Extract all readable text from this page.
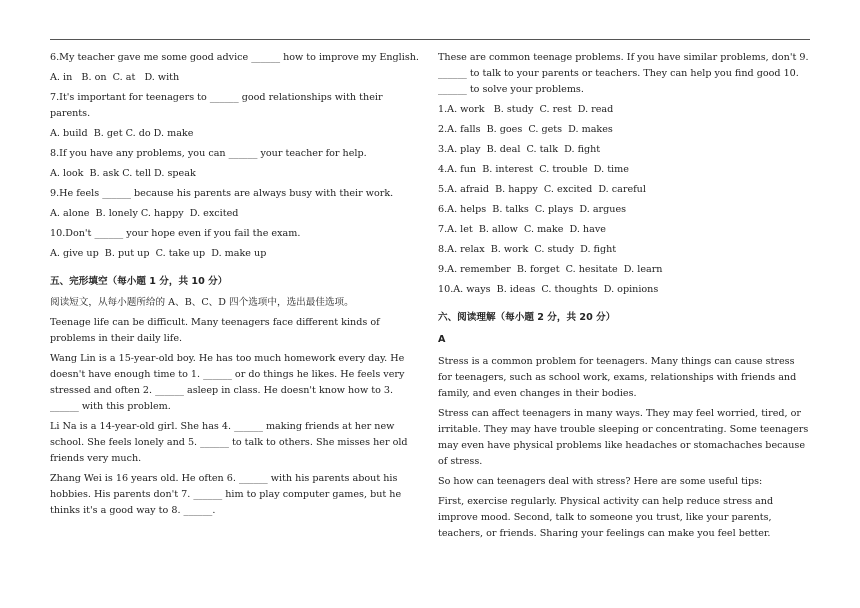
6.My teacher gave me some good advice ______ how to improve my English.

A. in   B. on  C. at   D. with

7.It's important for teenagers to ______ good relationships with their parents.

A. build  B. get C. do D. make

8.If you have any problems, you can ______ your teacher for help.

A. look  B. ask C. tell D. speak

9.He feels ______ because his parents are always busy with their work.

A. alone  B. lonely C. happy  D. excited

10.Don't ______ your hope even if you fail the exam.

A. give up  B. put up  C. take up  D. make up

五、完形填空（每小题 1 分，共 10 分）

阅读短文，从每小题所给的 A、B、C、D 四个选项中，选出最佳选项。

Teenage life can be difficult. Many teenagers face different kinds of problems in their daily life.

Wang Lin is a 15-year-old boy. He has too much homework every day. He doesn't have enough time to 1. ______ or do things he likes. He feels very stressed and often 2. ______ asleep in class. He doesn't know how to 3. ______ with this problem.

Li Na is a 14-year-old girl. She has 4. ______ making friends at her new school. She feels lonely and 5. ______ to talk to others. She misses her old friends very much.

Zhang Wei is 16 years old. He often 6. ______ with his parents about his hobbies. His parents don't 7. ______ him to play computer games, but he thinks it's a good way to 8. ______.

These are common teenage problems. If you have similar problems, don't 9. ______ to talk to your parents or teachers. They can help you find good 10. ______ to solve your problems.

1.A. work   B. study  C. rest  D. read

2.A. falls  B. goes  C. gets  D. makes

3.A. play  B. deal  C. talk  D. fight

4.A. fun  B. interest  C. trouble  D. time

5.A. afraid  B. happy  C. excited  D. careful

6.A. helps  B. talks  C. plays  D. argues

7.A. let  B. allow  C. make  D. have

8.A. relax  B. work  C. study  D. fight

9.A. remember  B. forget  C. hesitate  D. learn

10.A. ways  B. ideas  C. thoughts  D. opinions

六、阅读理解（每小题 2 分，共 20 分）

A

Stress is a common problem for teenagers. Many things can cause stress for teenagers, such as school work, exams, relationships with friends and family, and even changes in their bodies.

Stress can affect teenagers in many ways. They may feel worried, tired, or irritable. They may have trouble sleeping or concentrating. Some teenagers may even have physical problems like headaches or stomachaches because of stress.

So how can teenagers deal with stress? Here are some useful tips:

First, exercise regularly. Physical activity can help reduce stress and improve mood. Second, talk to someone you trust, like your parents, teachers, or friends. Sharing your feelings can make you feel better.
